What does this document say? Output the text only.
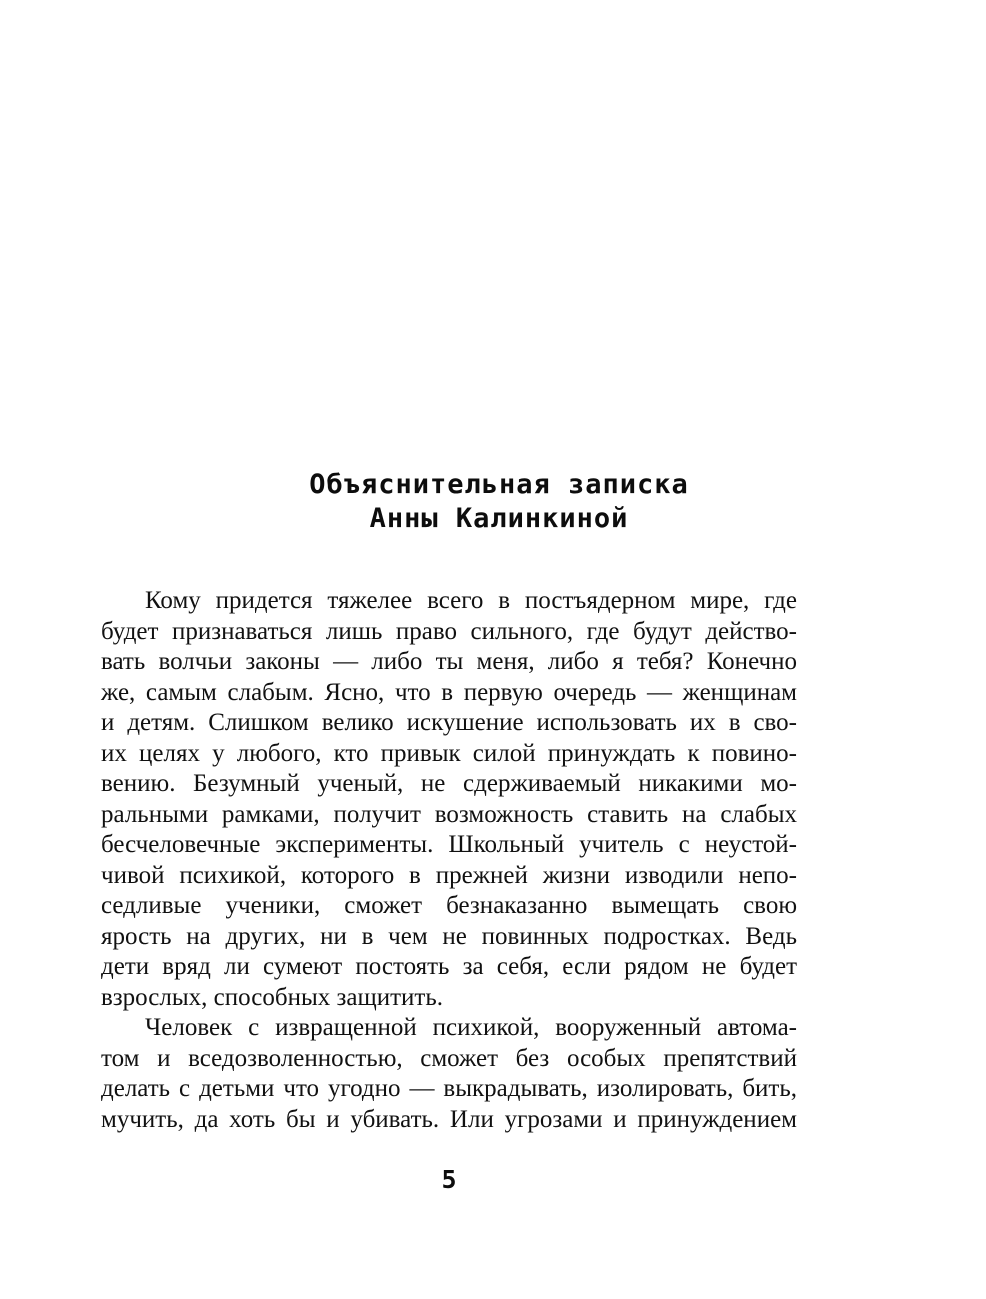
Объяснительная записка
Анны Калинкиной

Кому придется тяжелее всего в постъядерном мире, где
будет признаваться лишь право сильного, где будут действо-
вать волчьи законы — либо ты меня, либо я тебя? Конечно
же, самым слабым. Ясно, что в первую очередь — женщинам
и детям. Слишком велико искушение использовать их в сво-
их целях у любого, кто привык силой принуждать к повино-
вению. Безумный ученый, не сдерживаемый никакими мо-
ральными рамками, получит возможность ставить на слабых
бесчеловечные эксперименты. Школьный учитель с неустой-
чивой психикой, которого в прежней жизни изводили непо-
седливые ученики, сможет безнаказанно вымещать свою
ярость на других, ни в чем не повинных подростках. Ведь
дети вряд ли сумеют постоять за себя, если рядом не будет
взрослых, способных защитить.

Человек с извращенной психикой, вооруженный автома-
том и вседозволенностью, сможет без особых препятствий
делать с детьми что угодно — выкрадывать, изолировать, бить,
мучить, да хоть бы и убивать. Или угрозами и принуждением

5
